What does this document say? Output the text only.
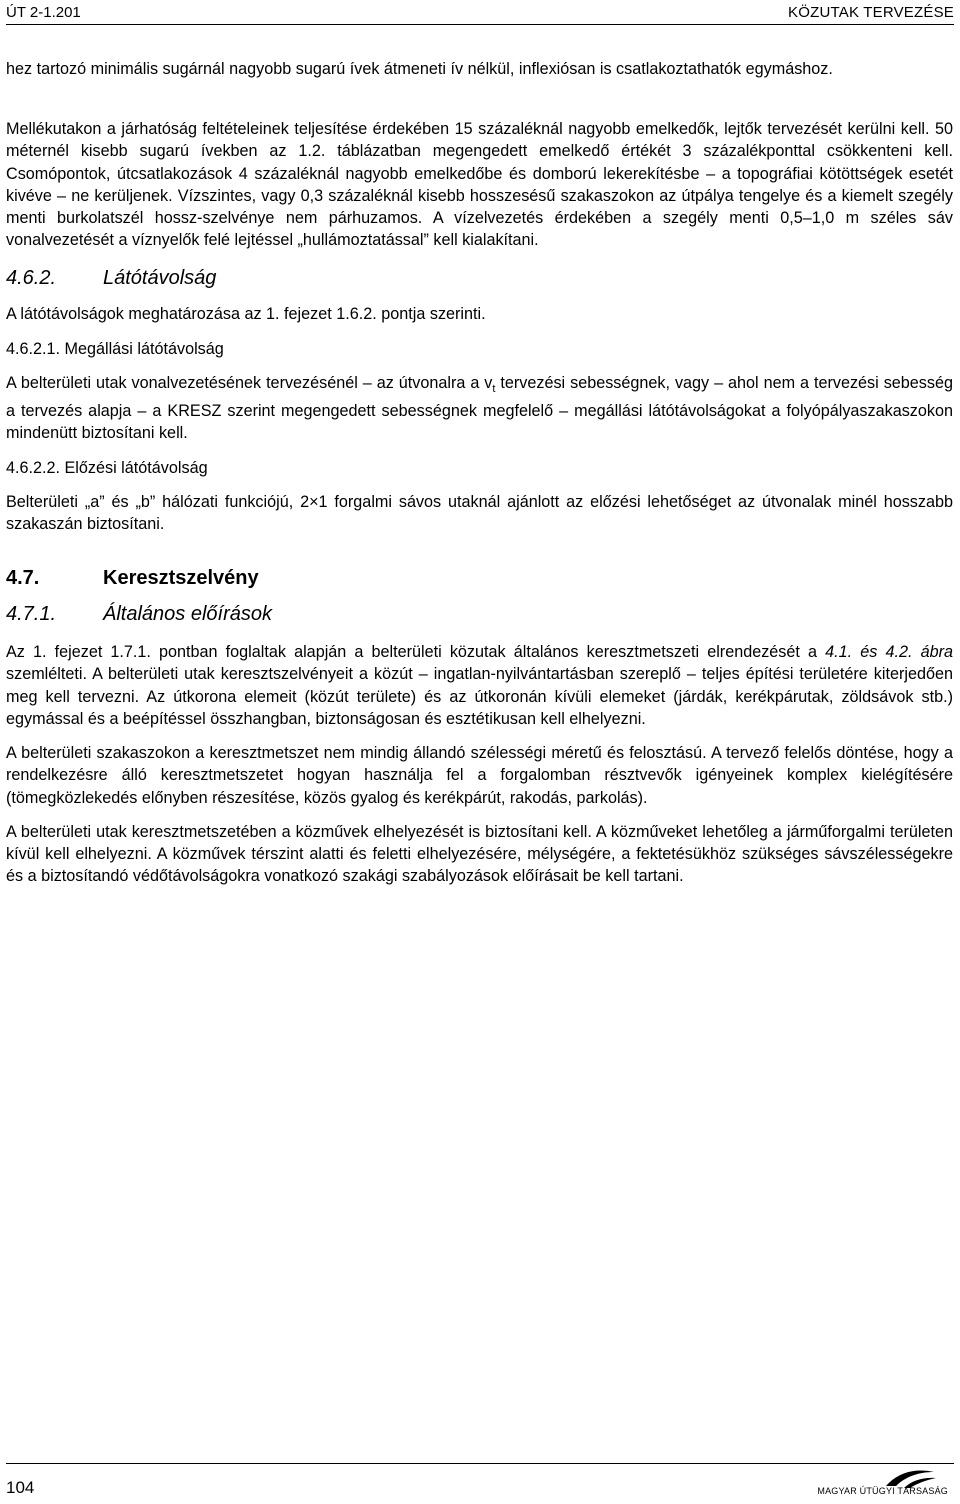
ÚT 2-1.201	KÖZUTAK TERVEZÉSE

hez tartozó minimális sugárnál nagyobb sugarú ívek átmeneti ív nélkül, inflexiósan is csatlakoztathatók egymáshoz.

Mellékutakon a járhatóság feltételeinek teljesítése érdekében 15 százaléknál nagyobb emelkedők, lejtők tervezését kerülni kell. 50 méternél kisebb sugarú ívekben az 1.2. táblázatban megengedett emelkedő értékét 3 százalékponttal csökkenteni kell. Csomópontok, útcsatlakozások 4 százaléknál nagyobb emelkedőbe és domború lekerekítésbe – a topográfiai kötöttségek esetét kivéve – ne kerüljenek. Vízszintes, vagy 0,3 százaléknál kisebb hosszesésű szakaszokon az útpálya tengelye és a kiemelt szegély menti burkolatszél hossz-szelvénye nem párhuzamos. A vízelvezetés érdekében a szegély menti 0,5–1,0 m széles sáv vonalvezetését a víznyelők felé lejtéssel „hullámoztatással” kell kialakítani.

4.6.2. Látótávolság

A látótávolságok meghatározása az 1. fejezet 1.6.2. pontja szerinti.

4.6.2.1. Megállási látótávolság

A belterületi utak vonalvezetésének tervezésénél – az útvonalra a $v_t$ tervezési sebességnek, vagy – ahol nem a tervezési sebesség a tervezés alapja – a KRESZ szerint megengedett sebességnek megfelelő – megállási látótávolságokat a folyópályaszakaszokon mindenütt biztosítani kell.

4.6.2.2. Előzési látótávolság

Belterületi „a” és „b” hálózati funkciójú, 2×1 forgalmi sávos utaknál ajánlott az előzési lehetőséget az útvonalak minél hosszabb szakaszán biztosítani.

4.7.	Keresztszelvény
4.7.1. Általános előírások

Az 1. fejezet 1.7.1. pontban foglaltak alapján a belterületi közutak általános keresztmetszeti elrendezését a 4.1. és 4.2. ábra szemlélteti. A belterületi utak keresztszelvényeit a közút – ingatlan-nyilvántartásban szereplő – teljes építési területére kiterjedően meg kell tervezni. Az útkorona elemeit (közút területe) és az útkoronán kívüli elemeket (járdák, kerékpárutak, zöldsávok stb.) egymással és a beépítéssel összhangban, biztonságosan és esztétikusan kell elhelyezni.

A belterületi szakaszokon a keresztmetszet nem mindig állandó szélességi méretű és felosztású. A tervező felelős döntése, hogy a rendelkezésre álló keresztmetszetet hogyan használja fel a forgalomban résztvevők igényeinek komplex kielégítésére (tömegközlekedés előnyben részesítése, közös gyalog és kerékpárút, rakodás, parkolás).

A belterületi utak keresztmetszetében a közművek elhelyezését is biztosítani kell. A közműveket lehetőleg a járműforgalmi területen kívül kell elhelyezni. A közművek térszint alatti és feletti elhelyezésére, mélységére, a fektetésükhöz szükséges sávszélességekre és a biztosítandó védőtávolságokra vonatkozó szakági szabályozások előírásait be kell tartani.

104	MAGYAR ÚTÜGYI TÁRSASÁG
